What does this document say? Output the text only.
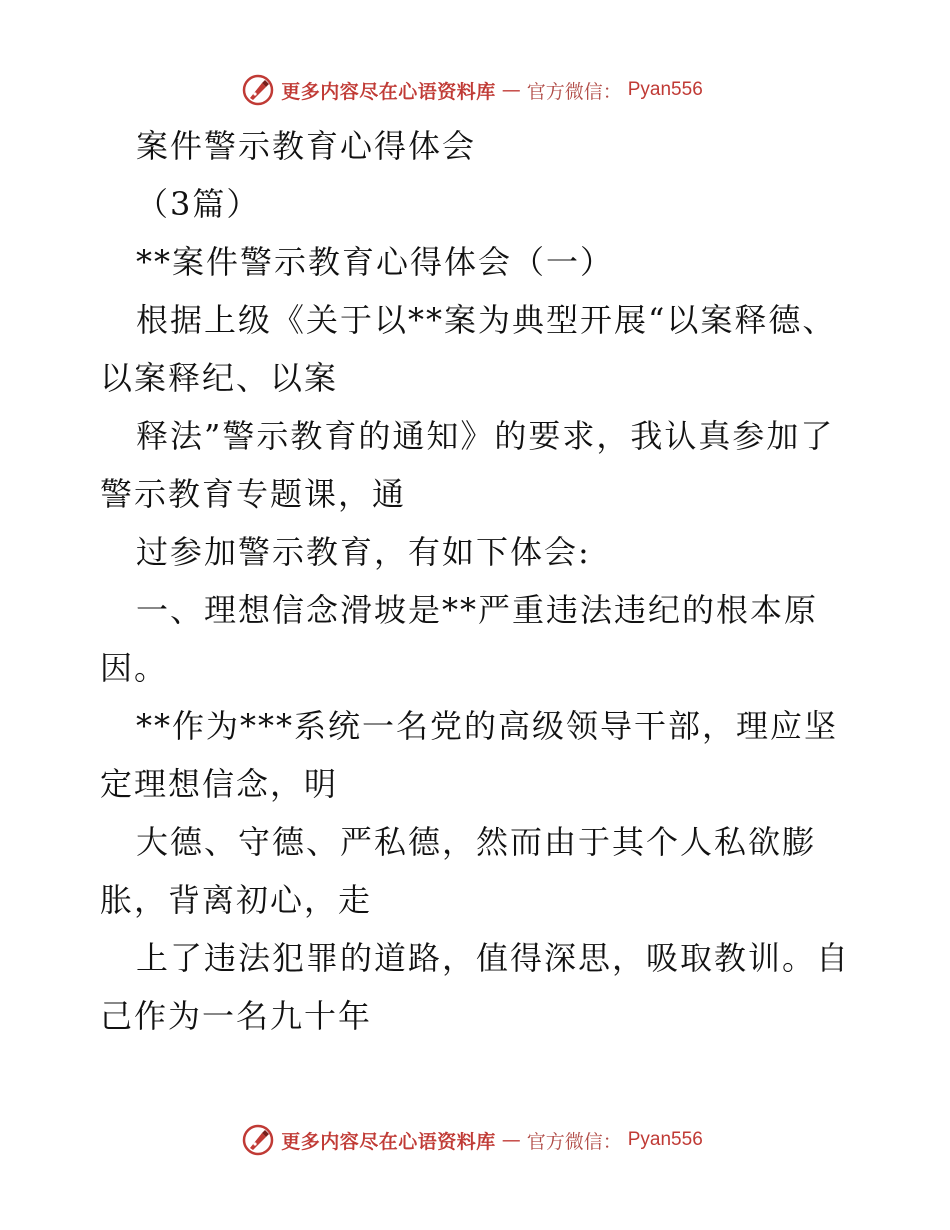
更多内容尽在心语资料库 — 官方微信： Pyan556
案件警示教育心得体会
（3篇）
**案件警示教育心得体会（一）
根据上级《关于以**案为典型开展“以案释德、
以案释纪、以案
释法”警示教育的通知》的要求，我认真参加了
警示教育专题课，通
过参加警示教育，有如下体会:
一、理想信念滑坡是**严重违法违纪的根本原
因。
**作为***系统一名党的高级领导干部，理应坚
定理想信念，明
大德、守德、严私德，然而由于其个人私欲膨
胀，背离初心，走
上了违法犯罪的道路，值得深思，吸取教训。自
己作为一名九十年
更多内容尽在心语资料库 — 官方微信： Pyan556
